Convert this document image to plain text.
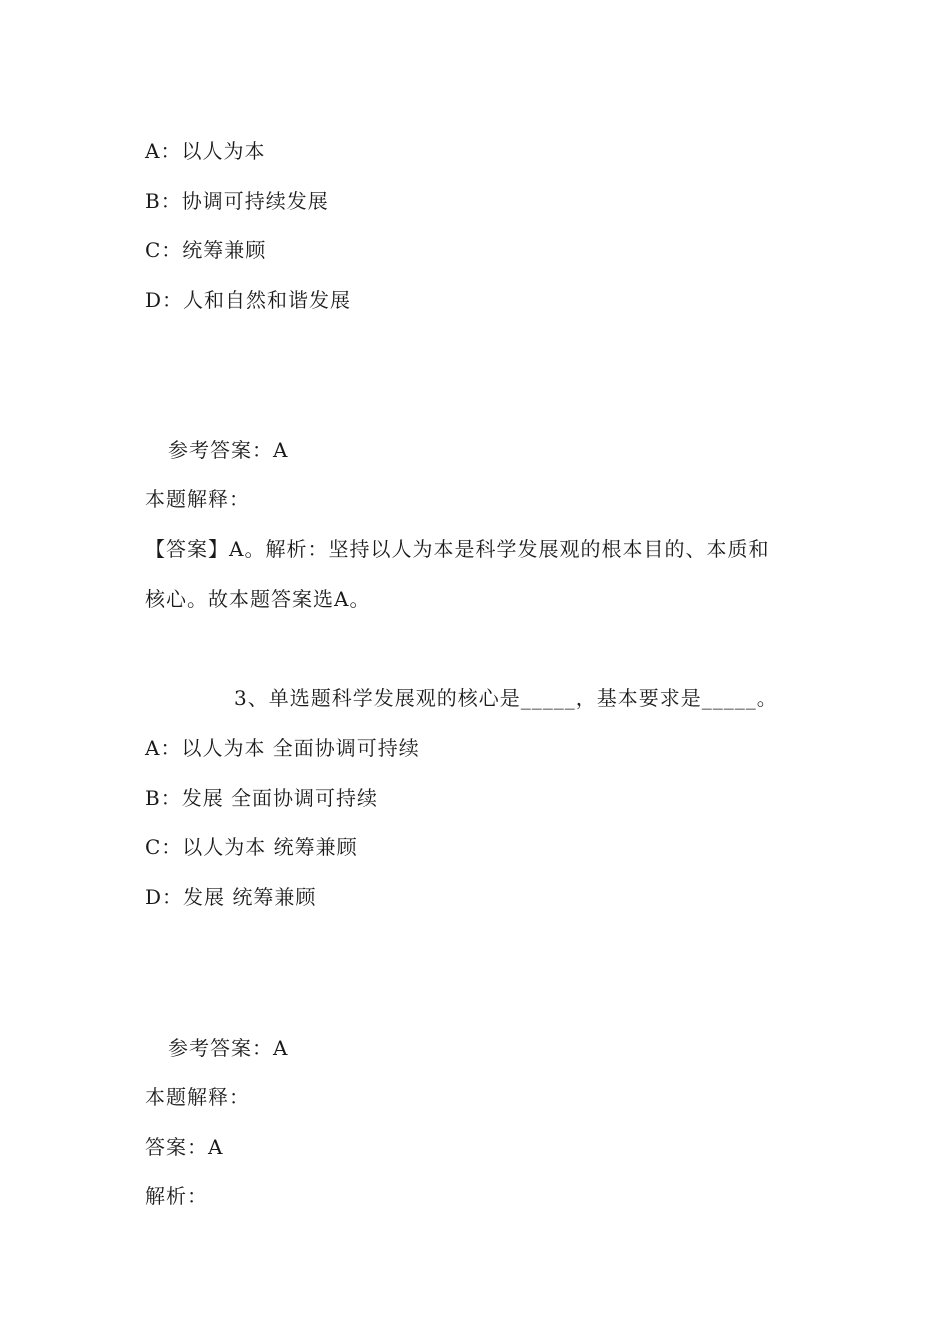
A：以人为本
B：协调可持续发展
C：统筹兼顾
D：人和自然和谐发展
参考答案：A
本题解释：
【答案】A。解析：坚持以人为本是科学发展观的根本目的、本质和
核心。故本题答案选A。
3、单选题科学发展观的核心是_____，基本要求是_____。
A：以人为本 全面协调可持续
B：发展 全面协调可持续
C：以人为本 统筹兼顾
D：发展 统筹兼顾
参考答案：A
本题解释：
答案：A
解析：
